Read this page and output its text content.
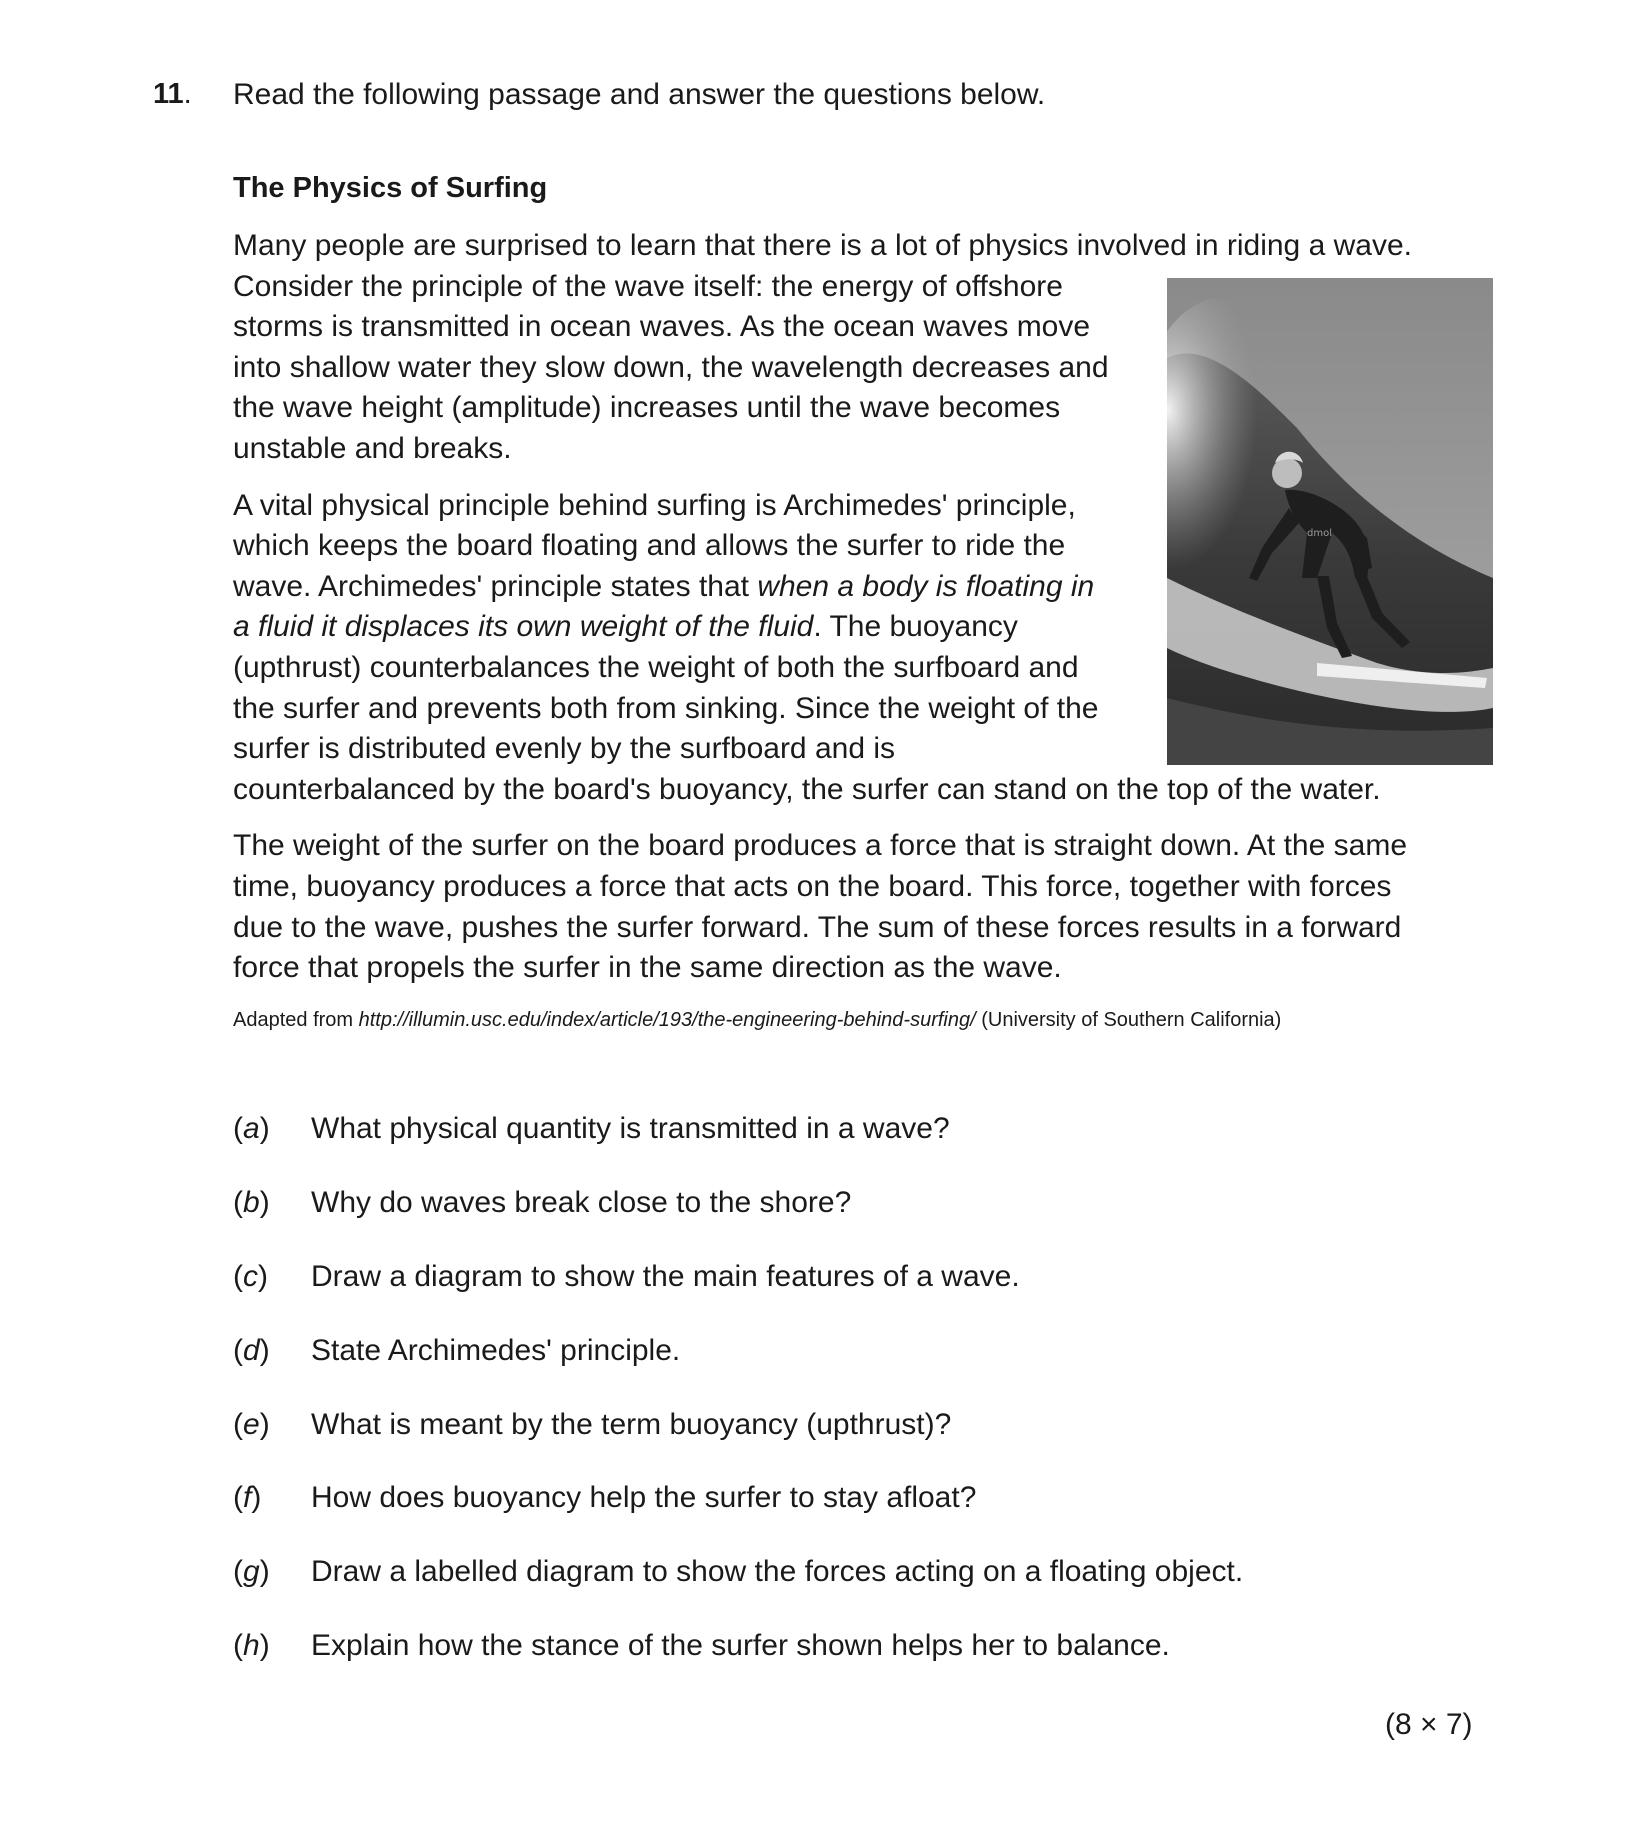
11. Read the following passage and answer the questions below.
The Physics of Surfing
Many people are surprised to learn that there is a lot of physics involved in riding a wave.
Consider the principle of the wave itself: the energy of offshore
storms is transmitted in ocean waves. As the ocean waves move
into shallow water they slow down, the wavelength decreases and
the wave height (amplitude) increases until the wave becomes
unstable and breaks.
A vital physical principle behind surfing is Archimedes' principle,
which keeps the board floating and allows the surfer to ride the
wave. Archimedes' principle states that when a body is floating in
a fluid it displaces its own weight of the fluid. The buoyancy
(upthrust) counterbalances the weight of both the surfboard and
the surfer and prevents both from sinking. Since the weight of the
surfer is distributed evenly by the surfboard and is
counterbalanced by the board's buoyancy, the surfer can stand on the top of the water.
The weight of the surfer on the board produces a force that is straight down. At the same
time, buoyancy produces a force that acts on the board. This force, together with forces
due to the wave, pushes the surfer forward. The sum of these forces results in a forward
force that propels the surfer in the same direction as the wave.
dmol
Adapted from http://illumin.usc.edu/index/article/193/the-engineering-behind-surfing/ (University of Southern California)
(a) What physical quantity is transmitted in a wave?
(b) Why do waves break close to the shore?
(c) Draw a diagram to show the main features of a wave.
(d) State Archimedes' principle.
(e) What is meant by the term buoyancy (upthrust)?
(f) How does buoyancy help the surfer to stay afloat?
(g) Draw a labelled diagram to show the forces acting on a floating object.
(h) Explain how the stance of the surfer shown helps her to balance.
(8 × 7)
